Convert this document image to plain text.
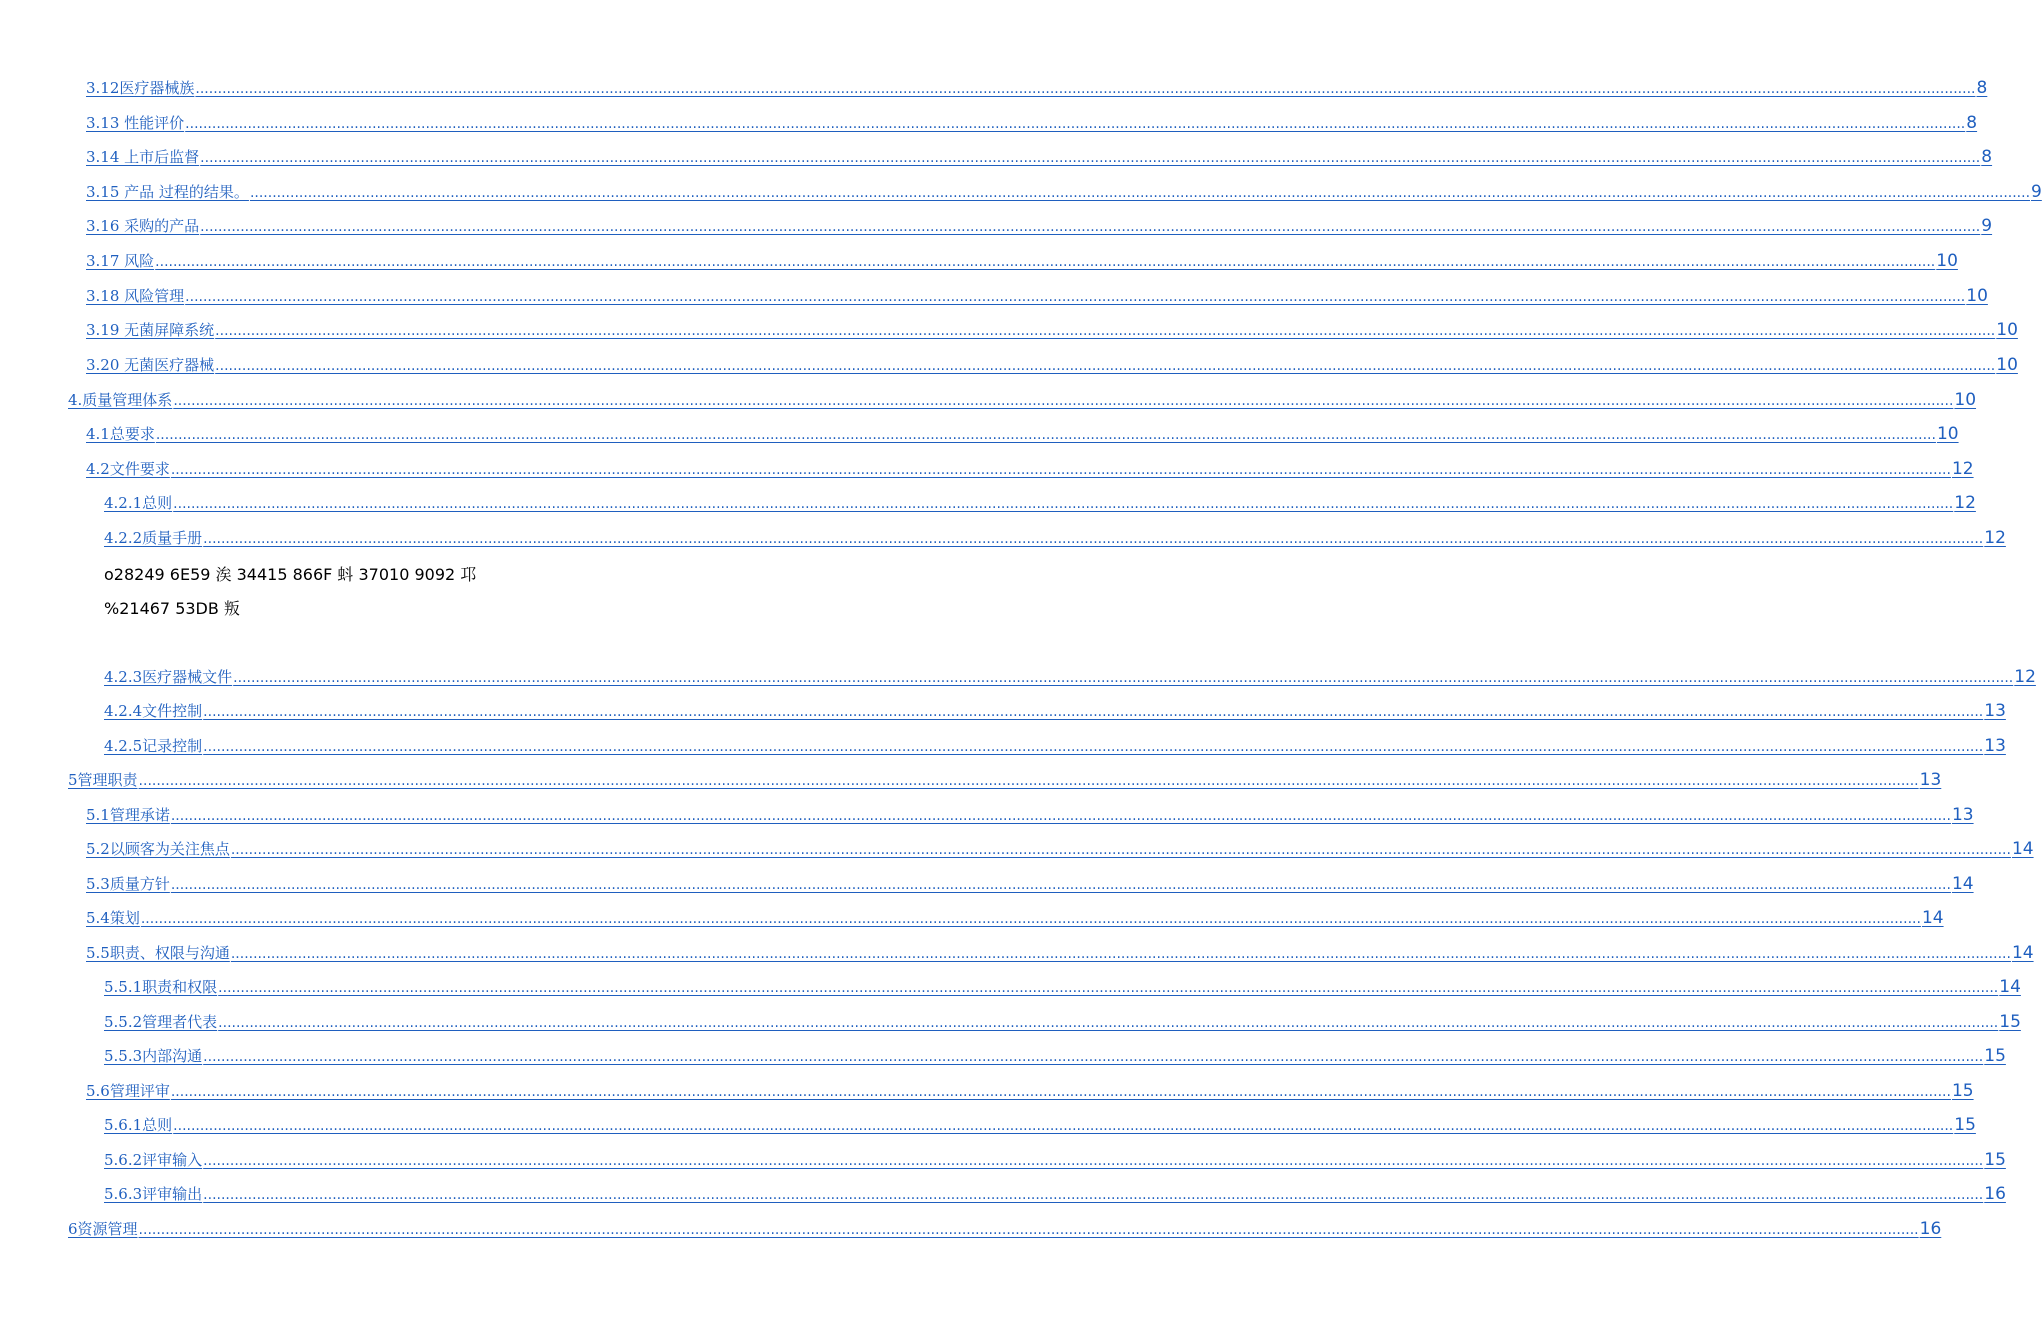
3.12医疗器械族 ................................................................................................................................................................................................................................................................................................................................................................................................................ 8
3.13 性能评价 ................................................................................................................................................................................................................................................................................................................................................................................................................ 8
3.14 上市后监督 ................................................................................................................................................................................................................................................................................................................................................................................................................ 8
3.15 产品 过程的结果。 ................................................................................................................................................................................................................................................................................................................................................................................................................ 9
3.16 采购的产品 ................................................................................................................................................................................................................................................................................................................................................................................................................ 9
3.17 风险 ................................................................................................................................................................................................................................................................................................................................................................................................................ 10
3.18 风险管理 ................................................................................................................................................................................................................................................................................................................................................................................................................ 10
3.19 无菌屏障系统 ................................................................................................................................................................................................................................................................................................................................................................................................................ 10
3.20 无菌医疗器械 ................................................................................................................................................................................................................................................................................................................................................................................................................ 10
4.质量管理体系 ................................................................................................................................................................................................................................................................................................................................................................................................................ 10
4.1总要求 ................................................................................................................................................................................................................................................................................................................................................................................................................ 10
4.2文件要求 ................................................................................................................................................................................................................................................................................................................................................................................................................ 12
4.2.1总则 ................................................................................................................................................................................................................................................................................................................................................................................................................ 12
4.2.2质量手册 ................................................................................................................................................................................................................................................................................................................................................................................................................ 12
4.2.3医疗器械文件 ................................................................................................................................................................................................................................................................................................................................................................................................................ 12
4.2.4文件控制 ................................................................................................................................................................................................................................................................................................................................................................................................................ 13
4.2.5记录控制 ................................................................................................................................................................................................................................................................................................................................................................................................................ 13
5管理职责 ................................................................................................................................................................................................................................................................................................................................................................................................................ 13
5.1管理承诺 ................................................................................................................................................................................................................................................................................................................................................................................................................ 13
5.2以顾客为关注焦点 ................................................................................................................................................................................................................................................................................................................................................................................................................ 14
5.3质量方针 ................................................................................................................................................................................................................................................................................................................................................................................................................ 14
5.4策划 ................................................................................................................................................................................................................................................................................................................................................................................................................ 14
5.5职责、权限与沟通 ................................................................................................................................................................................................................................................................................................................................................................................................................ 14
5.5.1职责和权限 ................................................................................................................................................................................................................................................................................................................................................................................................................ 14
5.5.2管理者代表 ................................................................................................................................................................................................................................................................................................................................................................................................................ 15
5.5.3内部沟通 ................................................................................................................................................................................................................................................................................................................................................................................................................ 15
5.6管理评审 ................................................................................................................................................................................................................................................................................................................................................................................................................ 15
5.6.1总则 ................................................................................................................................................................................................................................................................................................................................................................................................................ 15
5.6.2评审输入 ................................................................................................................................................................................................................................................................................................................................................................................................................ 15
5.6.3评审输出 ................................................................................................................................................................................................................................................................................................................................................................................................................ 16
6资源管理 ................................................................................................................................................................................................................................................................................................................................................................................................................ 16
o28249 6E59 涘 34415 866F 蚪 37010 9092 邛
%21467 53DB 叛
